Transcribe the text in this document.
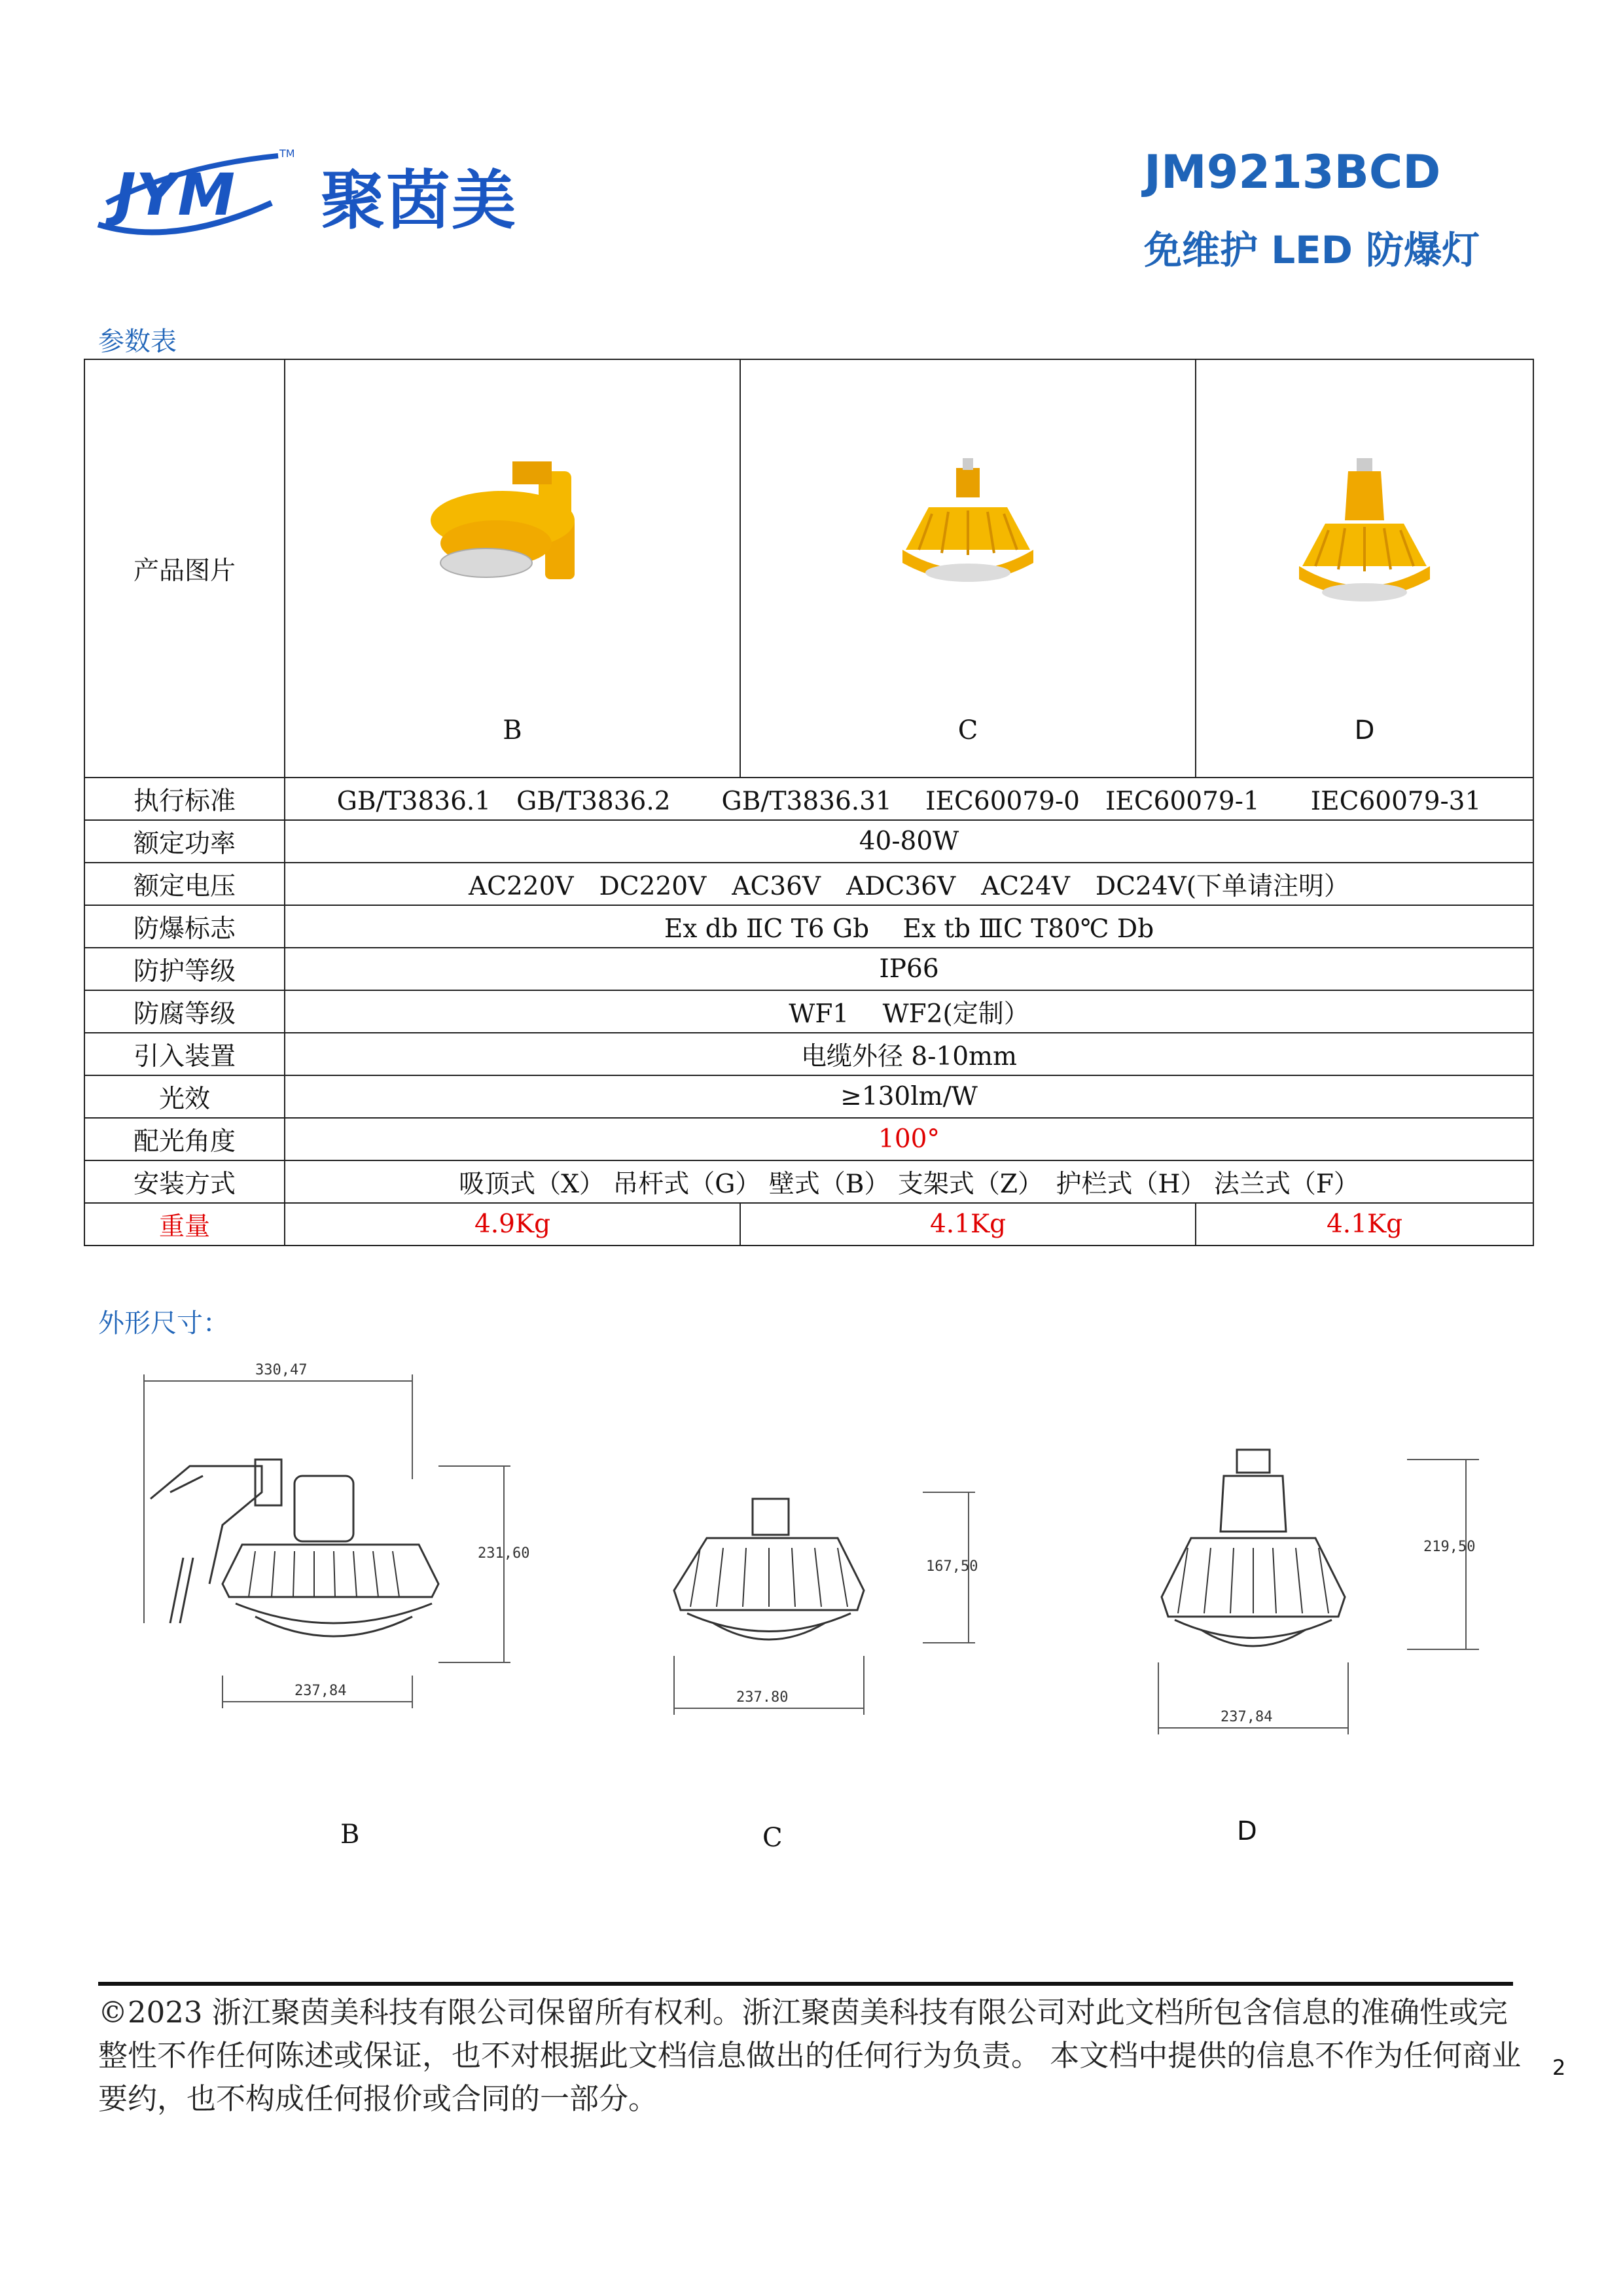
JYM
TM
聚茵美	JM9213BCD
免维护 LED 防爆灯
参数表
产品图片	B	C	D

执行标准	GB/T3836.1　GB/T3836.2　　GB/T3836.31　 IEC60079-0　IEC60079-1　　IEC60079-31		
额定功率	40-80W		
额定电压	AC220V　DC220V　AC36V　ADC36V　AC24V　DC24V(下单请注明）		
防爆标志	Ex db ⅡC T6 Gb　 Ex tb ⅢC T80℃ Db		
防护等级	IP66		
防腐等级	WF1　 WF2(定制）		
引入装置	电缆外径 8-10mm		
光效	≥130lm/W		
配光角度	100°		
安装方式	吸顶式（X） 吊杆式（G） 壁式（B） 支架式（Z）　护栏式（H） 法兰式（F）		
重量	4.9Kg	4.1Kg	4.1Kg
外形尺寸：
330,47
231,60
237,84
B
167,50
237.80
C
219,50
237,84
D
©2023 浙江聚茵美科技有限公司保留所有权利。浙江聚茵美科技有限公司对此文档所包含信息的准确性或完整性不作任何陈述或保证，也不对根据此文档信息做出的任何行为负责。 本文档中提供的信息不作为任何商业要约，也不构成任何报价或合同的一部分。
2
